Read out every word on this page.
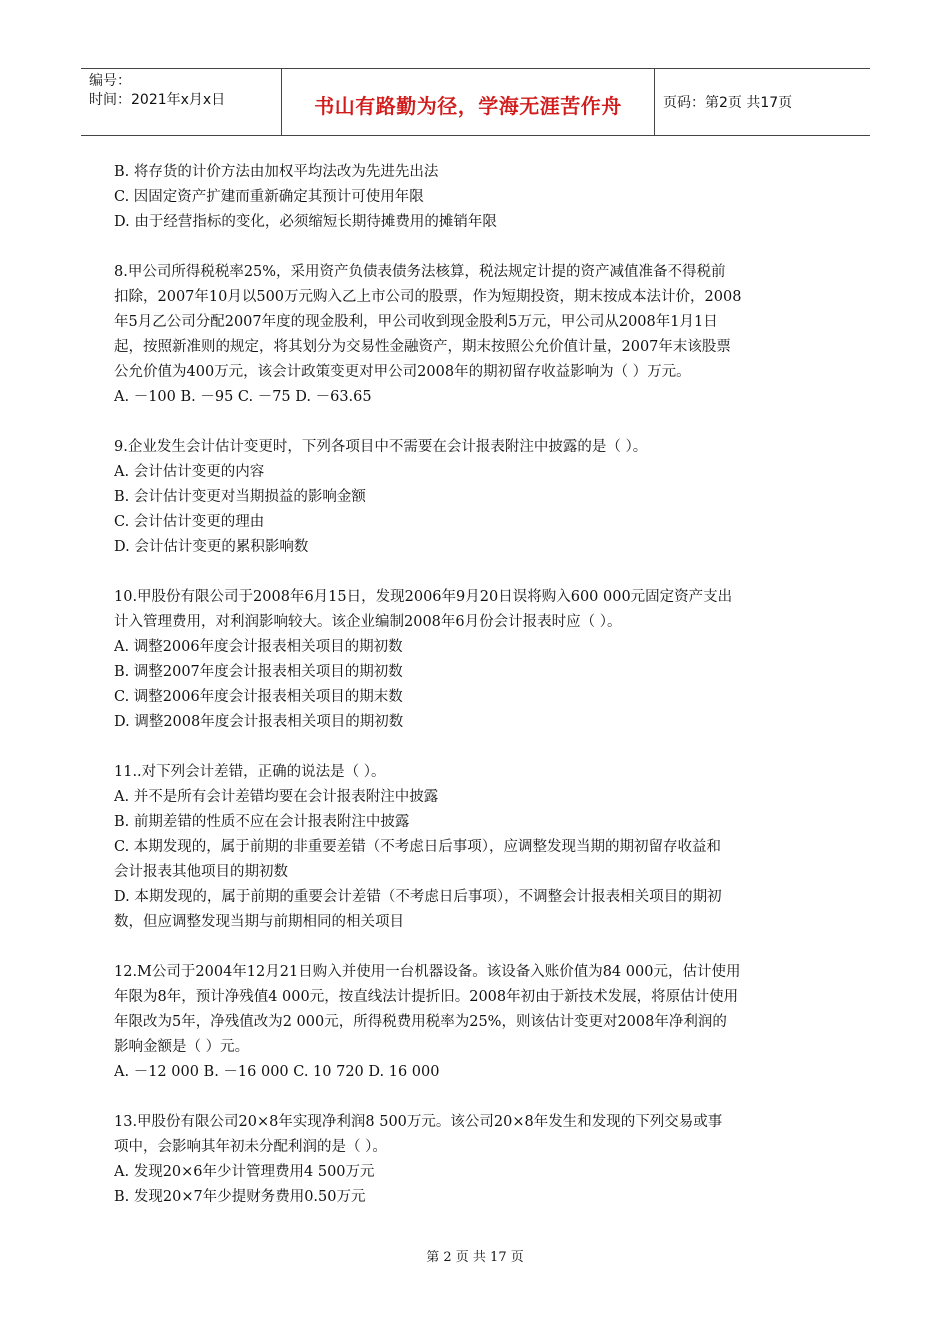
编号：
时间：2021年x月x日	书山有路勤为径，学海无涯苦作舟	页码：第2页 共17页
B. 将存货的计价方法由加权平均法改为先进先出法
C. 因固定资产扩建而重新确定其预计可使用年限
D. 由于经营指标的变化，必须缩短长期待摊费用的摊销年限
8.甲公司所得税税率25%，采用资产负债表债务法核算，税法规定计提的资产减值准备不得税前
扣除，2007年10月以500万元购入乙上市公司的股票，作为短期投资，期末按成本法计价，2008
年5月乙公司分配2007年度的现金股利，甲公司收到现金股利5万元，甲公司从2008年1月1日
起，按照新准则的规定，将其划分为交易性金融资产，期末按照公允价值计量，2007年末该股票
公允价值为400万元，该会计政策变更对甲公司2008年的期初留存收益影响为（ ）万元。
A. －100 B. －95 C. －75 D. －63.65
9.企业发生会计估计变更时，下列各项目中不需要在会计报表附注中披露的是（ ）。
A. 会计估计变更的内容
B. 会计估计变更对当期损益的影响金额
C. 会计估计变更的理由
D. 会计估计变更的累积影响数
10.甲股份有限公司于2008年6月15日，发现2006年9月20日误将购入600 000元固定资产支出
计入管理费用，对利润影响较大。该企业编制2008年6月份会计报表时应（ ）。
A. 调整2006年度会计报表相关项目的期初数
B. 调整2007年度会计报表相关项目的期初数
C. 调整2006年度会计报表相关项目的期末数
D. 调整2008年度会计报表相关项目的期初数
11..对下列会计差错，正确的说法是（ ）。
A. 并不是所有会计差错均要在会计报表附注中披露
B. 前期差错的性质不应在会计报表附注中披露
C. 本期发现的，属于前期的非重要差错（不考虑日后事项），应调整发现当期的期初留存收益和
会计报表其他项目的期初数
D. 本期发现的，属于前期的重要会计差错（不考虑日后事项），不调整会计报表相关项目的期初
数，但应调整发现当期与前期相同的相关项目
12.M公司于2004年12月21日购入并使用一台机器设备。该设备入账价值为84 000元，估计使用
年限为8年，预计净残值4 000元，按直线法计提折旧。2008年初由于新技术发展，将原估计使用
年限改为5年，净残值改为2 000元，所得税费用税率为25%，则该估计变更对2008年净利润的
影响金额是（ ）元。
A. －12 000 B. －16 000 C. 10 720 D. 16 000
13.甲股份有限公司20×8年实现净利润8 500万元。该公司20×8年发生和发现的下列交易或事
项中，会影响其年初未分配利润的是（ ）。
A. 发现20×6年少计管理费用4 500万元
B. 发现20×7年少提财务费用0.50万元
第 2 页 共 17 页
